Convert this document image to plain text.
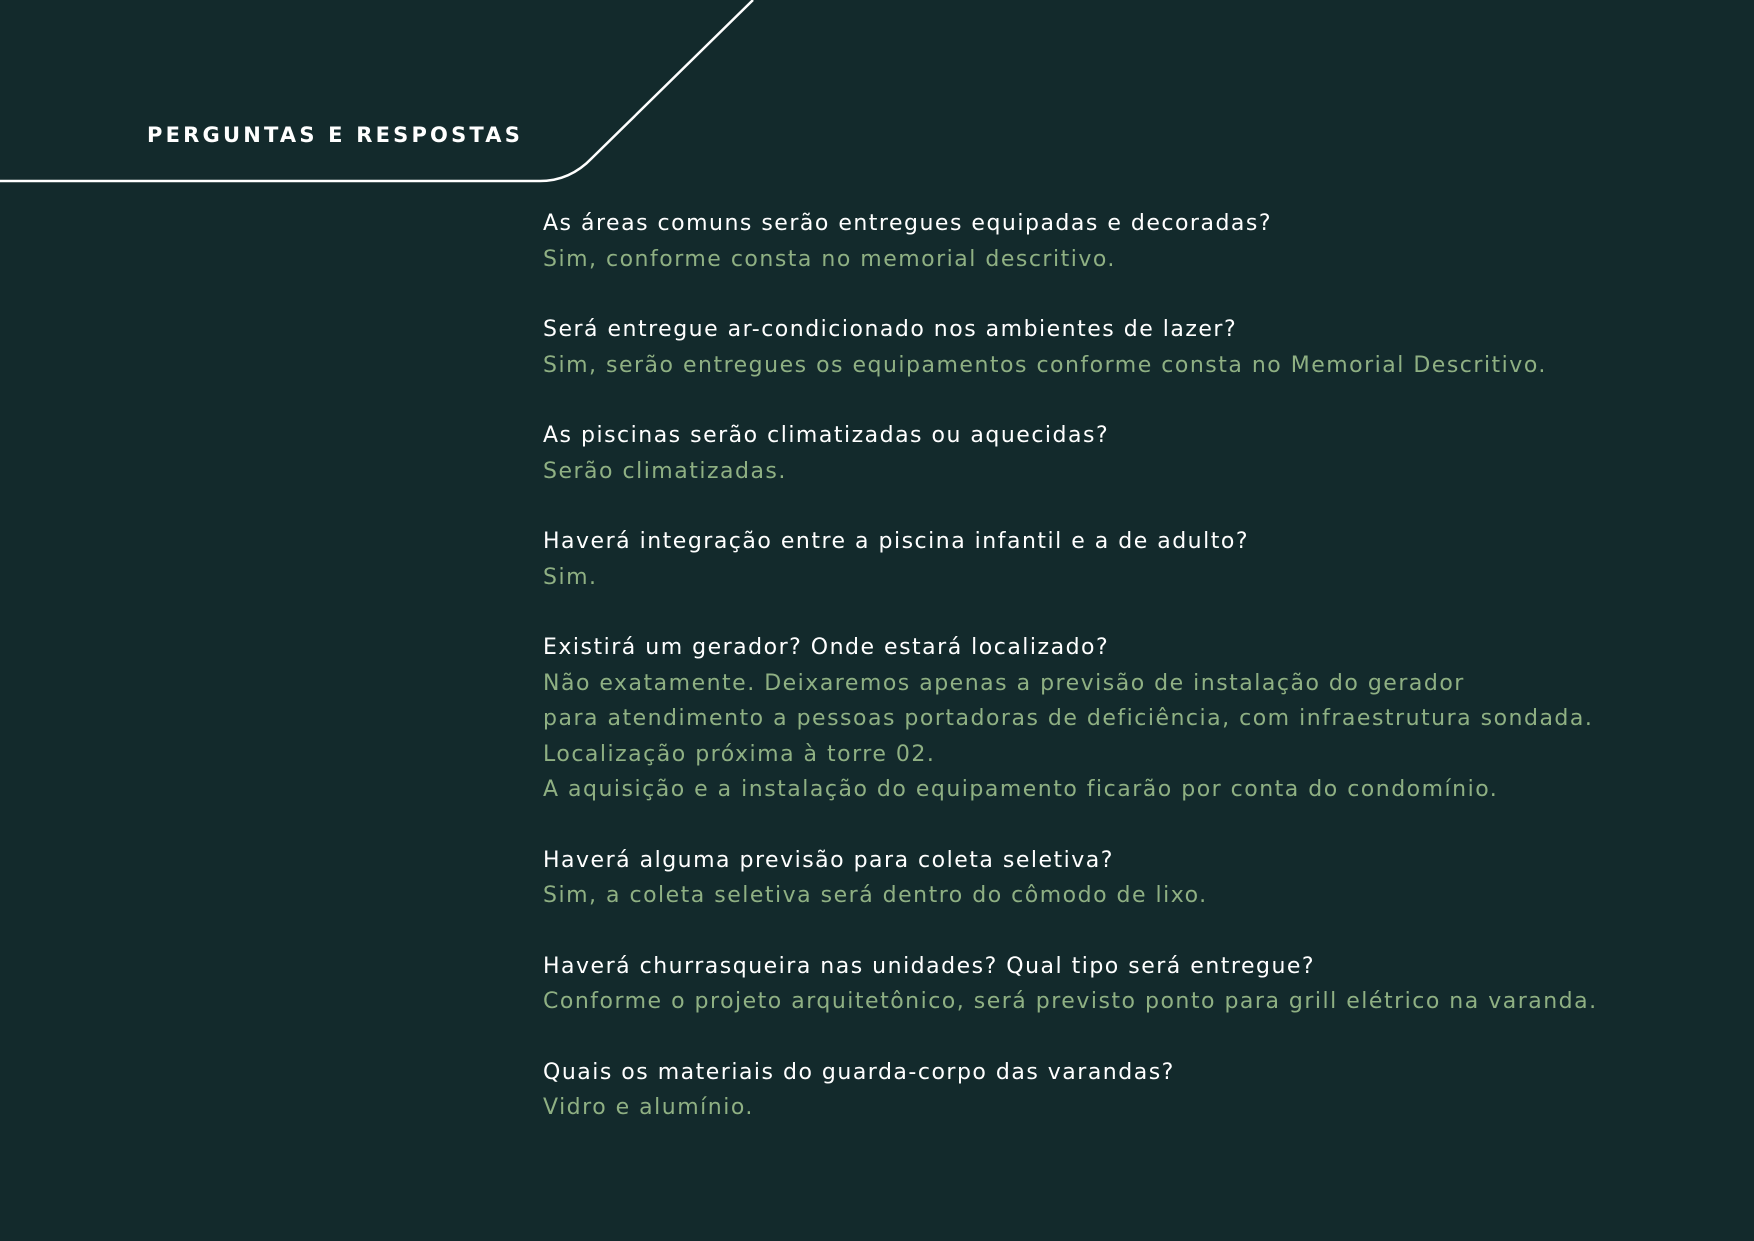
PERGUNTAS E RESPOSTAS
As áreas comuns serão entregues equipadas e decoradas?
Sim, conforme consta no memorial descritivo.
Será entregue ar-condicionado nos ambientes de lazer?
Sim, serão entregues os equipamentos conforme consta no Memorial Descritivo.
As piscinas serão climatizadas ou aquecidas?
Serão climatizadas.
Haverá integração entre a piscina infantil e a de adulto?
Sim.
Existirá um gerador? Onde estará localizado?
Não exatamente. Deixaremos apenas a previsão de instalação do gerador
para atendimento a pessoas portadoras de deficiência, com infraestrutura sondada.
Localização próxima à torre 02.
A aquisição e a instalação do equipamento ficarão por conta do condomínio.
Haverá alguma previsão para coleta seletiva?
Sim, a coleta seletiva será dentro do cômodo de lixo.
Haverá churrasqueira nas unidades? Qual tipo será entregue?
Conforme o projeto arquitetônico, será previsto ponto para grill elétrico na varanda.
Quais os materiais do guarda-corpo das varandas?
Vidro e alumínio.
